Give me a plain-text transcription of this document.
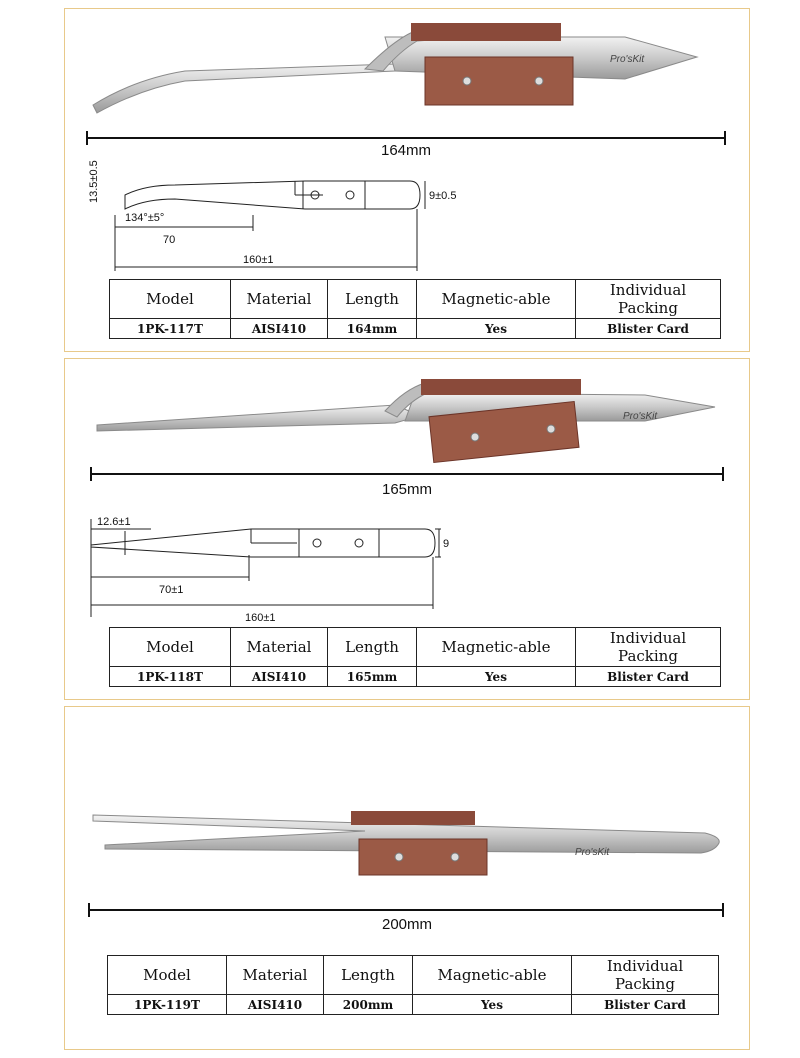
Pro'sKit
164mm
13.5±0.5
134°±5°
9±0.5
70
160±1
Model	Material	Length	Magnetic-able	Individual
Packing
1PK-117T	AISI410	164mm	Yes	Blister Card
Pro'sKit
165mm
12.6±1
9
70±1
160±1
Model	Material	Length	Magnetic-able	Individual
Packing
1PK-118T	AISI410	165mm	Yes	Blister Card
Pro'sKit
200mm
Model	Material	Length	Magnetic-able	Individual
Packing
1PK-119T	AISI410	200mm	Yes	Blister Card
